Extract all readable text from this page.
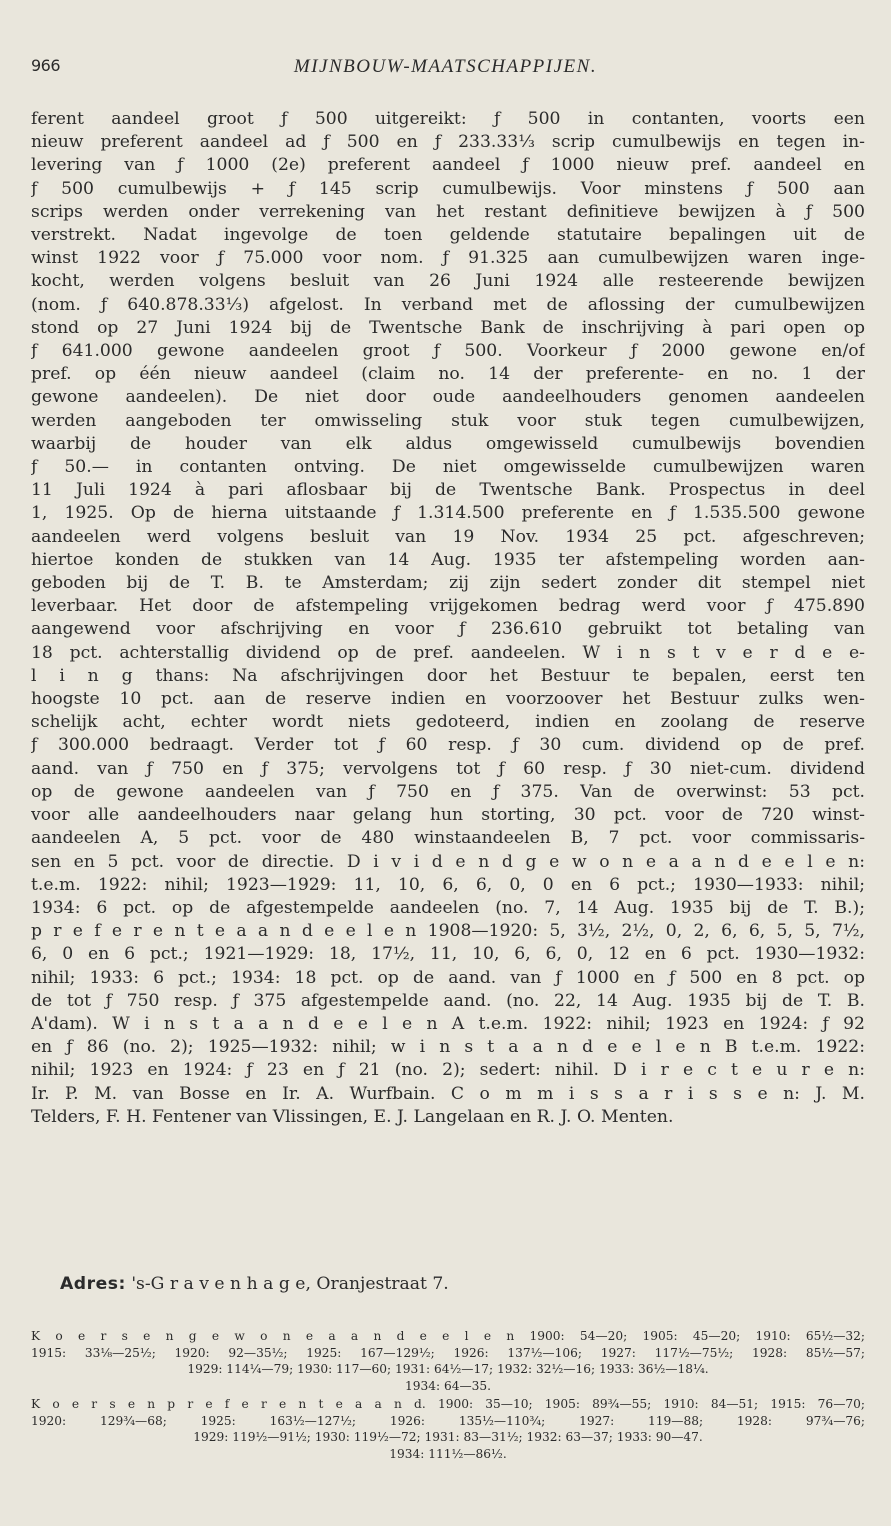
966	MIJNBOUW-MAATSCHAPPIJEN.
ferent aandeel groot ƒ 500 uitgereikt: ƒ 500 in contanten, voorts een
nieuw preferent aandeel ad ƒ 500 en ƒ 233.33⅓ scrip cumulbewijs en tegen in-
levering van ƒ 1000 (2e) preferent aandeel ƒ 1000 nieuw pref. aandeel en
ƒ 500 cumulbewijs + ƒ 145 scrip cumulbewijs. Voor minstens ƒ 500 aan
scrips werden onder verrekening van het restant definitieve bewijzen à ƒ 500
verstrekt. Nadat ingevolge de toen geldende statutaire bepalingen uit de
winst 1922 voor ƒ 75.000 voor nom. ƒ 91.325 aan cumulbewijzen waren inge-
kocht, werden volgens besluit van 26 Juni 1924 alle resteerende bewijzen
(nom. ƒ 640.878.33⅓) afgelost. In verband met de aflossing der cumulbewijzen
stond op 27 Juni 1924 bij de Twentsche Bank de inschrijving à pari open op
ƒ 641.000 gewone aandeelen groot ƒ 500. Voorkeur ƒ 2000 gewone en/of
pref. op één nieuw aandeel (claim no. 14 der preferente- en no. 1 der
gewone aandeelen). De niet door oude aandeelhouders genomen aandeelen
werden aangeboden ter omwisseling stuk voor stuk tegen cumulbewijzen,
waarbij de houder van elk aldus omgewisseld cumulbewijs bovendien
ƒ 50.— in contanten ontving. De niet omgewisselde cumulbewijzen waren
11 Juli 1924 à pari aflosbaar bij de Twentsche Bank. Prospectus in deel
1, 1925. Op de hierna uitstaande ƒ 1.314.500 preferente en ƒ 1.535.500 gewone
aandeelen werd volgens besluit van 19 Nov. 1934 25 pct. afgeschreven;
hiertoe konden de stukken van 14 Aug. 1935 ter afstempeling worden aan-
geboden bij de T. B. te Amsterdam; zij zijn sedert zonder dit stempel niet
leverbaar. Het door de afstempeling vrijgekomen bedrag werd voor ƒ 475.890
aangewend voor afschrijving en voor ƒ 236.610 gebruikt tot betaling van
18 pct. achterstallig dividend op de pref. aandeelen. W i n s t v e r d e e-
l i n g thans: Na afschrijvingen door het Bestuur te bepalen, eerst ten
hoogste 10 pct. aan de reserve indien en voorzoover het Bestuur zulks wen-
schelijk acht, echter wordt niets gedoteerd, indien en zoolang de reserve
ƒ 300.000 bedraagt. Verder tot ƒ 60 resp. ƒ 30 cum. dividend op de pref.
aand. van ƒ 750 en ƒ 375; vervolgens tot ƒ 60 resp. ƒ 30 niet-cum. dividend
op de gewone aandeelen van ƒ 750 en ƒ 375. Van de overwinst: 53 pct.
voor alle aandeelhouders naar gelang hun storting, 30 pct. voor de 720 winst-
aandeelen A, 5 pct. voor de 480 winstaandeelen B, 7 pct. voor commissaris-
sen en 5 pct. voor de directie. D i v i d e n d g e w o n e a a n d e e l e n:
t.e.m. 1922: nihil; 1923—1929: 11, 10, 6, 6, 0, 0 en 6 pct.; 1930—1933: nihil;
1934: 6 pct. op de afgestempelde aandeelen (no. 7, 14 Aug. 1935 bij de T. B.);
p r e f e r e n t e a a n d e e l e n 1908—1920: 5, 3½, 2½, 0, 2, 6, 6, 5, 5, 7½,
6, 0 en 6 pct.; 1921—1929: 18, 17½, 11, 10, 6, 6, 0, 12 en 6 pct. 1930—1932:
nihil; 1933: 6 pct.; 1934: 18 pct. op de aand. van ƒ 1000 en ƒ 500 en 8 pct. op
de tot ƒ 750 resp. ƒ 375 afgestempelde aand. (no. 22, 14 Aug. 1935 bij de T. B.
A'dam). W i n s t a a n d e e l e n A t.e.m. 1922: nihil; 1923 en 1924: ƒ 92
en ƒ 86 (no. 2); 1925—1932: nihil; w i n s t a a n d e e l e n B t.e.m. 1922:
nihil; 1923 en 1924: ƒ 23 en ƒ 21 (no. 2); sedert: nihil. D i r e c t e u r e n:
Ir. P. M. van Bosse en Ir. A. Wurfbain. C o m m i s s a r i s s e n: J. M.
Telders, F. H. Fentener van Vlissingen, E. J. Langelaan en R. J. O. Menten.
Adres: 's-G r a v e n h a g e, Oranjestraat 7.
K o e r s e n g e w o n e a a n d e e l e n 1900: 54—20; 1905: 45—20; 1910: 65½—32;
1915: 33⅛—25½; 1920: 92—35½; 1925: 167—129½; 1926: 137½—106; 1927: 117½—75½; 1928: 85½—57;
1929: 114¼—79; 1930: 117—60; 1931: 64½—17; 1932: 32½—16; 1933: 36½—18¼.
1934: 64—35.
K o e r s e n p r e f e r e n t e a a n d. 1900: 35—10; 1905: 89¾—55; 1910: 84—51; 1915: 76—70;
1920: 129¾—68; 1925: 163½—127½; 1926: 135½—110¾; 1927: 119—88; 1928: 97¾—76;
1929: 119½—91½; 1930: 119½—72; 1931: 83—31½; 1932: 63—37; 1933: 90—47.
1934: 111½—86½.
